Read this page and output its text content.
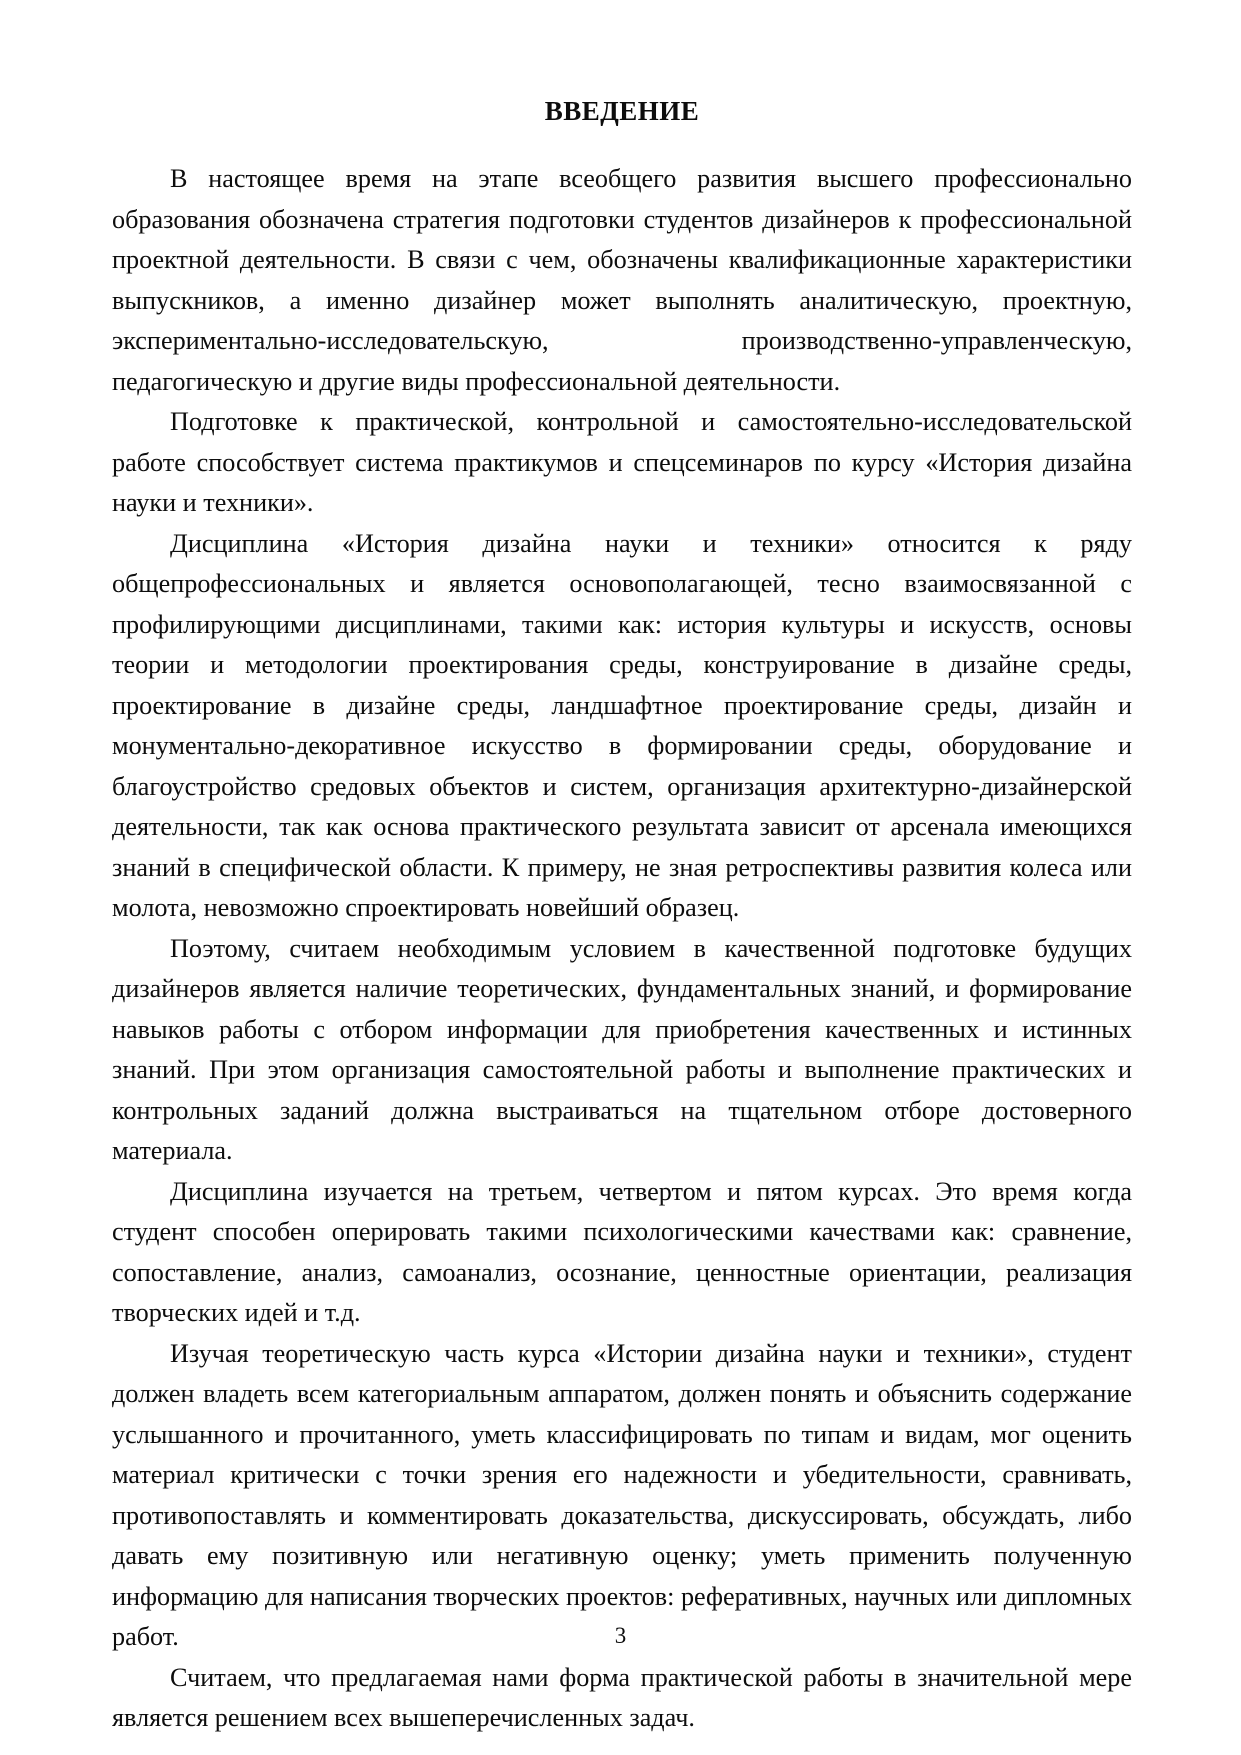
ВВЕДЕНИЕ

В настоящее время на этапе всеобщего развития высшего профессионально образования обозначена стратегия подготовки студентов дизайнеров к профессиональной проектной деятельности. В связи с чем, обозначены квалификационные характеристики выпускников, а именно дизайнер может выполнять аналитическую, проектную, экспериментально-исследовательскую, производственно-управленческую, педагогическую и другие виды профессиональной деятельности.

Подготовке к практической, контрольной и самостоятельно-исследовательской работе способствует система практикумов и спецсеминаров по курсу «История дизайна науки и техники».

Дисциплина «История дизайна науки и техники» относится к ряду общепрофессиональных и является основополагающей, тесно взаимосвязанной с профилирующими дисциплинами, такими как: история культуры и искусств, основы теории и методологии проектирования среды, конструирование в дизайне среды, проектирование в дизайне среды, ландшафтное проектирование среды, дизайн и монументально-декоративное искусство в формировании среды, оборудование и благоустройство средовых объектов и систем, организация архитектурно-дизайнерской деятельности, так как основа практического результата зависит от арсенала имеющихся знаний в специфической области. К примеру, не зная ретроспективы развития колеса или молота, невозможно спроектировать новейший образец.

Поэтому, считаем необходимым условием в качественной подготовке будущих дизайнеров является наличие теоретических, фундаментальных знаний, и формирование навыков работы с отбором информации для приобретения качественных и истинных знаний. При этом организация самостоятельной работы и выполнение практических и контрольных заданий должна выстраиваться на тщательном отборе достоверного материала.

Дисциплина изучается на третьем, четвертом и пятом курсах. Это время когда студент способен оперировать такими психологическими качествами как: сравнение, сопоставление, анализ, самоанализ, осознание, ценностные ориентации, реализация творческих идей и т.д.

Изучая теоретическую часть курса «Истории дизайна науки и техники», студент должен владеть всем категориальным аппаратом, должен понять и объяснить содержание услышанного и прочитанного, уметь классифицировать по типам и видам, мог оценить материал критически с точки зрения его надежности и убедительности, сравнивать, противопоставлять и комментировать доказательства, дискуссировать, обсуждать, либо давать ему позитивную или негативную оценку; уметь применить полученную информацию для написания творческих проектов: реферативных, научных или дипломных работ.

Считаем, что предлагаемая нами форма практической работы в значительной мере является решением всех вышеперечисленных задач.

3
